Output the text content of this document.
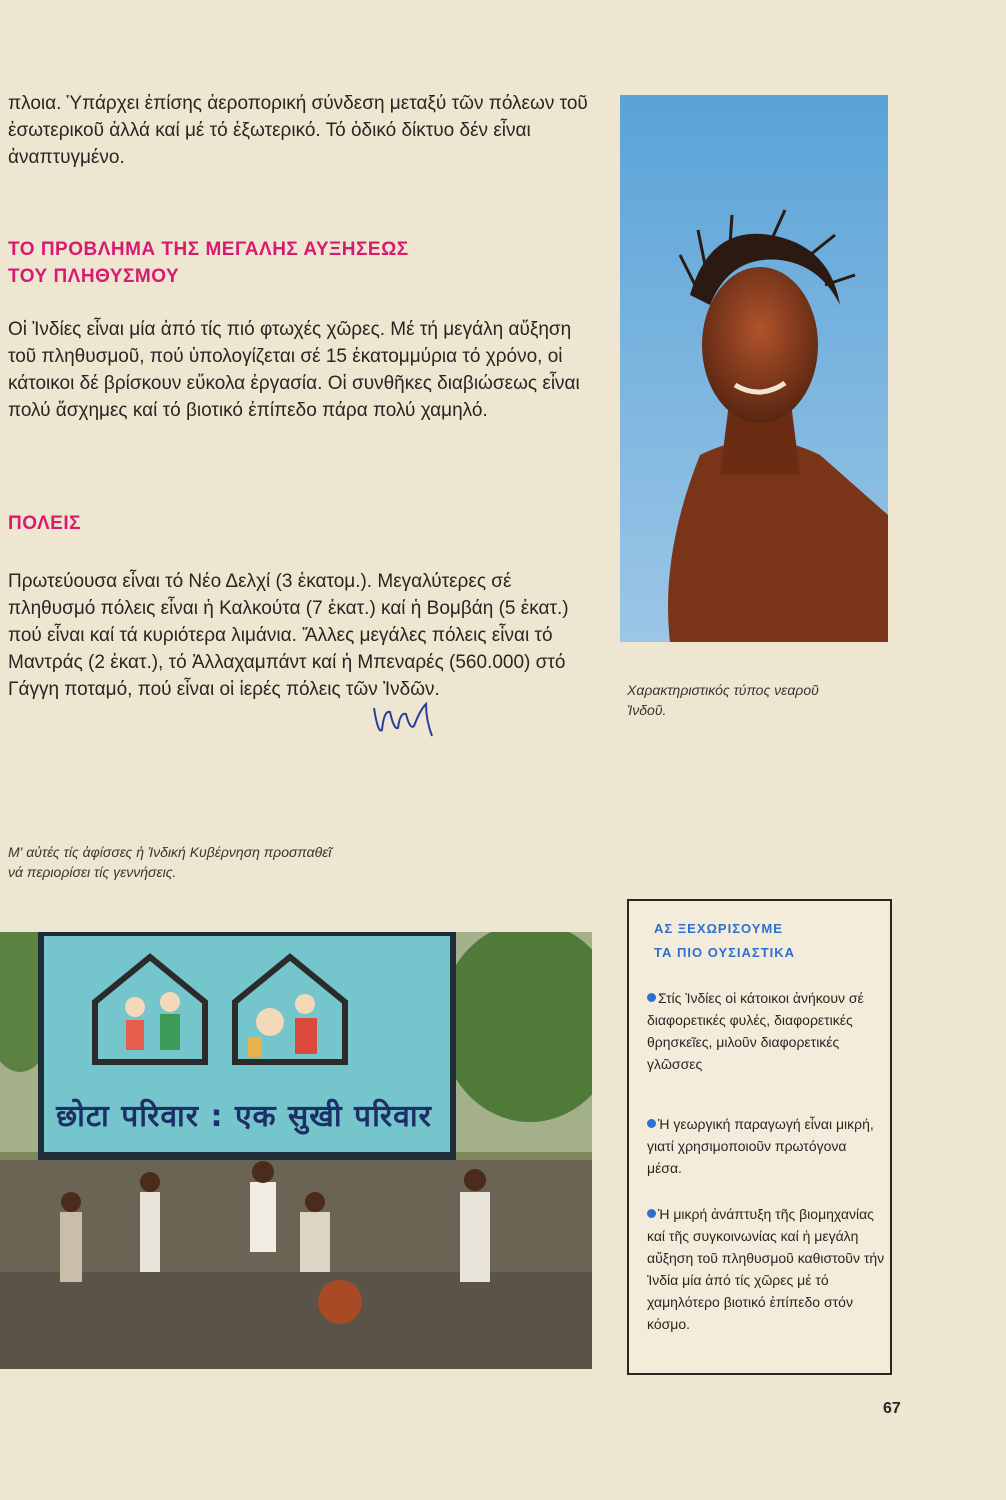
πλοια. Ὑπάρχει ἐπίσης ἀεροπορική σύνδεση μεταξύ τῶν πόλεων τοῦ ἐσωτερικοῦ ἀλλά καί μέ τό ἐξωτερικό. Τό ὁδικό δίκτυο δέν εἶναι ἀναπτυγμένο.

ΤΟ ΠΡΟΒΛΗΜΑ ΤΗΣ ΜΕΓΑΛΗΣ ΑΥΞΗΣΕΩΣ
ΤΟΥ ΠΛΗΘΥΣΜΟΥ

Οἱ Ἰνδίες εἶναι μία ἀπό τίς πιό φτωχές χῶρες. Μέ τή μεγάλη αὔξηση τοῦ πληθυσμοῦ, πού ὑπολογίζεται σέ 15 ἑκατομμύρια τό χρόνο, οἱ κάτοικοι δέ βρίσκουν εὔκολα ἐργασία. Οἱ συνθῆκες διαβιώσεως εἶναι πολύ ἄσχημες καί τό βιοτικό ἐπίπεδο πάρα πολύ χαμηλό.

ΠΟΛΕΙΣ

Πρωτεύουσα εἶναι τό Νέο Δελχί (3 ἑκατομ.). Μεγαλύτερες σέ πληθυσμό πόλεις εἶναι ἡ Καλκούτα (7 ἑκατ.) καί ἡ Βομβάη (5 ἑκατ.) πού εἶναι καί τά κυριότερα λιμάνια. Ἄλλες μεγάλες πόλεις εἶναι τό Μαντράς (2 ἑκατ.), τό Ἀλλαχαμπάντ καί ἡ Μπεναρές (560.000) στό Γάγγη ποταμό, πού εἶναι οἱ ἱερές πόλεις τῶν Ἰνδῶν.	Χαρακτηριστικός τύπος νεαροῦ
Ἰνδοῦ.

Μ' αὐτές τίς ἀφίσσες ἡ Ἰνδική Κυβέρνηση προσπαθεῖ
νά περιορίσει τίς γεννήσεις.

छोटा परिवार : एक सुखी परिवार

ΑΣ ΞΕΧΩΡΙΣΟΥΜΕ
ΤΑ ΠΙΟ ΟΥΣΙΑΣΤΙΚΑ

Στίς Ἰνδίες οἱ κάτοικοι ἀνήκουν σέ διαφορετικές φυλές, διαφορετικές θρησκεῖες, μιλοῦν διαφορετικές γλῶσσες

Ἡ γεωργική παραγωγή εἶναι μικρή, γιατί χρησιμοποιοῦν πρωτόγονα μέσα.

Ἡ μικρή ἀνάπτυξη τῆς βιομηχανίας καί τῆς συγκοινωνίας καί ἡ μεγάλη αὔξηση τοῦ πληθυσμοῦ καθιστοῦν τήν Ἰνδία μία ἀπό τίς χῶρες μέ τό χαμηλότερο βιοτικό ἐπίπεδο στόν κόσμο.

67
